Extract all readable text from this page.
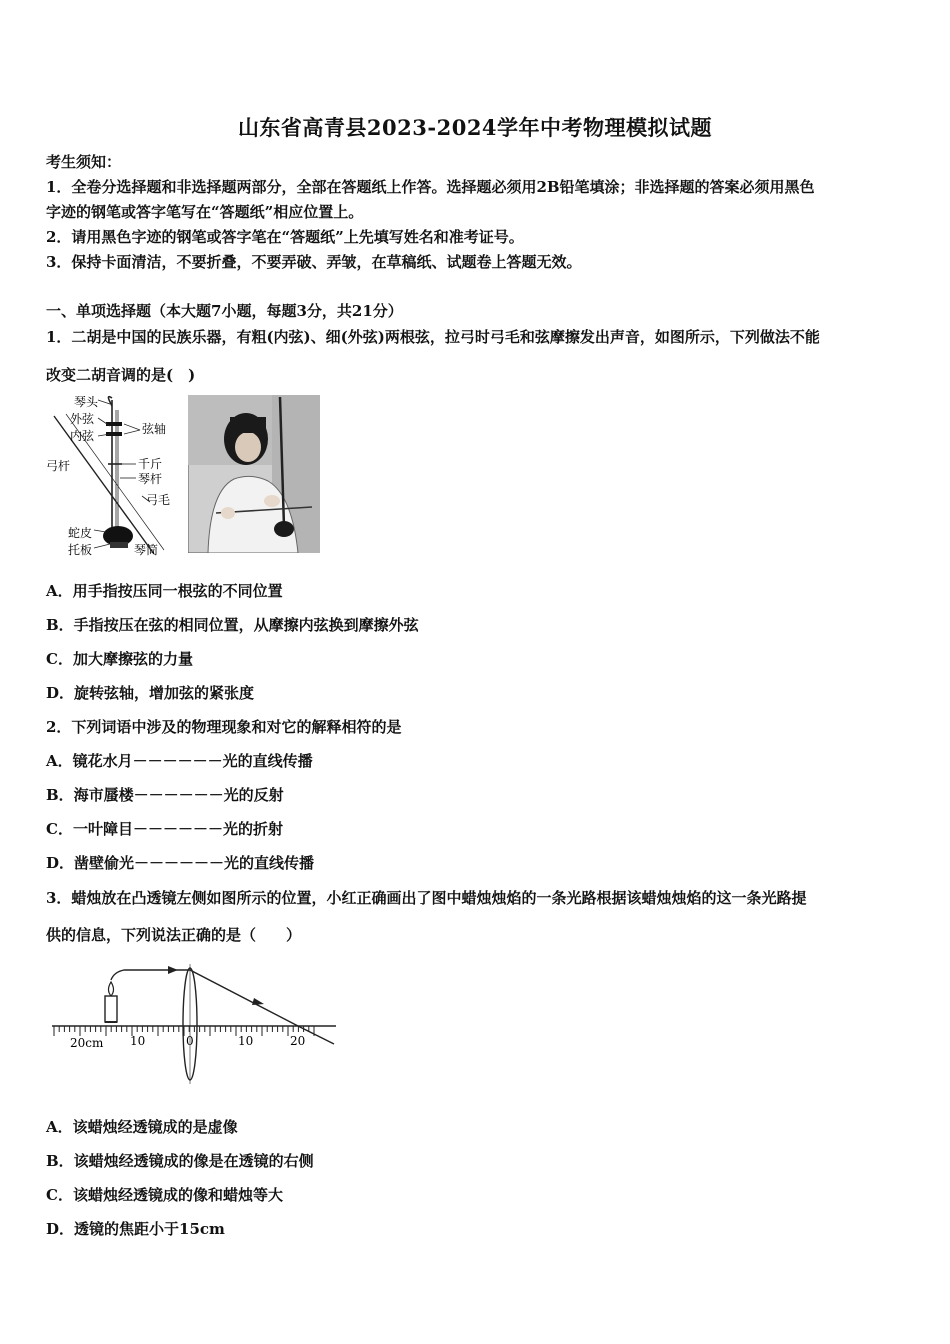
山东省高青县2023-2024学年中考物理模拟试题
考生须知：
1．全卷分选择题和非选择题两部分，全部在答题纸上作答。选择题必须用2B铅笔填涂；非选择题的答案必须用黑色
字迹的钢笔或答字笔写在“答题纸”相应位置上。
2．请用黑色字迹的钢笔或答字笔在“答题纸”上先填写姓名和准考证号。
3．保持卡面清洁，不要折叠，不要弄破、弄皱，在草稿纸、试题卷上答题无效。
一、单项选择题（本大题7小题，每题3分，共21分）
1．二胡是中国的民族乐器，有粗(内弦)、细(外弦)两根弦，拉弓时弓毛和弦摩擦发出声音，如图所示，下列做法不能
改变二胡音调的是(　)
琴头
外弦
内弦	弦轴
弓杆	千斤
琴杆
弓毛
蛇皮
托板	琴筒
A．用手指按压同一根弦的不同位置
B．手指按压在弦的相同位置，从摩擦内弦换到摩擦外弦
C．加大摩擦弦的力量
D．旋转弦轴，增加弦的紧张度
2．下列词语中涉及的物理现象和对它的解释相符的是
A．镜花水月－－－－－－光的直线传播
B．海市蜃楼－－－－－－光的反射
C．一叶障目－－－－－－光的折射
D．凿壁偷光－－－－－－光的直线传播
3．蜡烛放在凸透镜左侧如图所示的位置，小红正确画出了图中蜡烛烛焰的一条光路根据该蜡烛烛焰的这一条光路提
供的信息，下列说法正确的是（　　）
20cm 10	0	10	20
A．该蜡烛经透镜成的是虚像
B．该蜡烛经透镜成的像是在透镜的右侧
C．该蜡烛经透镜成的像和蜡烛等大
D．透镜的焦距小于15cm
